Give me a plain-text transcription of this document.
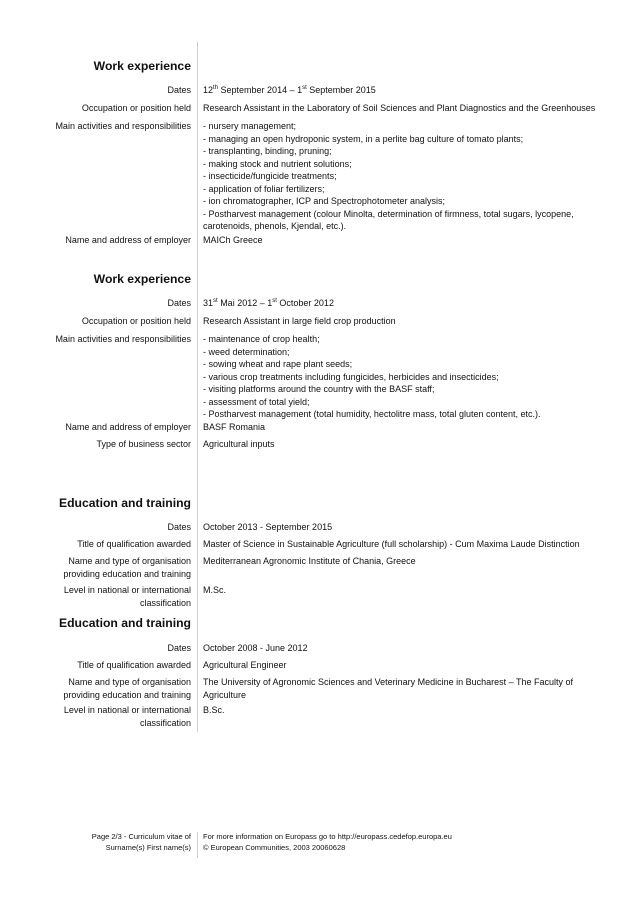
Work experience
Dates 12th September 2014 – 1st September 2015
Occupation or position held Research Assistant in the Laboratory of Soil Sciences and Plant Diagnostics and the Greenhouses
Main activities and responsibilities - nursery management;
- managing an open hydroponic system, in a perlite bag culture of tomato plants;
- transplanting, binding, pruning;
- making stock and nutrient solutions;
- insecticide/fungicide treatments;
- application of foliar fertilizers;
- ion chromatographer, ICP and Spectrophotometer analysis;
- Postharvest management (colour Minolta, determination of firmness, total sugars, lycopene,
carotenoids, phenols, Kjendal, etc.).
Name and address of employer MAICh Greece
Work experience
Dates 31st Mai 2012 – 1st October 2012
Occupation or position held Research Assistant in large field crop production
Main activities and responsibilities - maintenance of crop health;
- weed determination;
- sowing wheat and rape plant seeds;
- various crop treatments including fungicides, herbicides and insecticides;
- visiting platforms around the country with the BASF staff;
- assessment of total yield;
- Postharvest management (total humidity, hectolitre mass, total gluten content, etc.).
Name and address of employer BASF Romania
Type of business sector Agricultural inputs
Education and training
Dates October 2013 - September 2015
Title of qualification awarded Master of Science in Sustainable Agriculture (full scholarship) - Cum Maxima Laude Distinction
Name and type of organisation
providing education and training
Mediterranean Agronomic Institute of Chania, Greece
Level in national or international
classification
M.Sc.
Education and training
Dates October 2008 - June 2012
Title of qualification awarded Agricultural Engineer
Name and type of organisation
providing education and training
The University of Agronomic Sciences and Veterinary Medicine in Bucharest – The Faculty of
Agriculture
Level in national or international
classification
B.Sc.
Page 2/3 - Curriculum vitae of
Surname(s) First name(s)
For more information on Europass go to http://europass.cedefop.europa.eu
© European Communities, 2003 20060628
